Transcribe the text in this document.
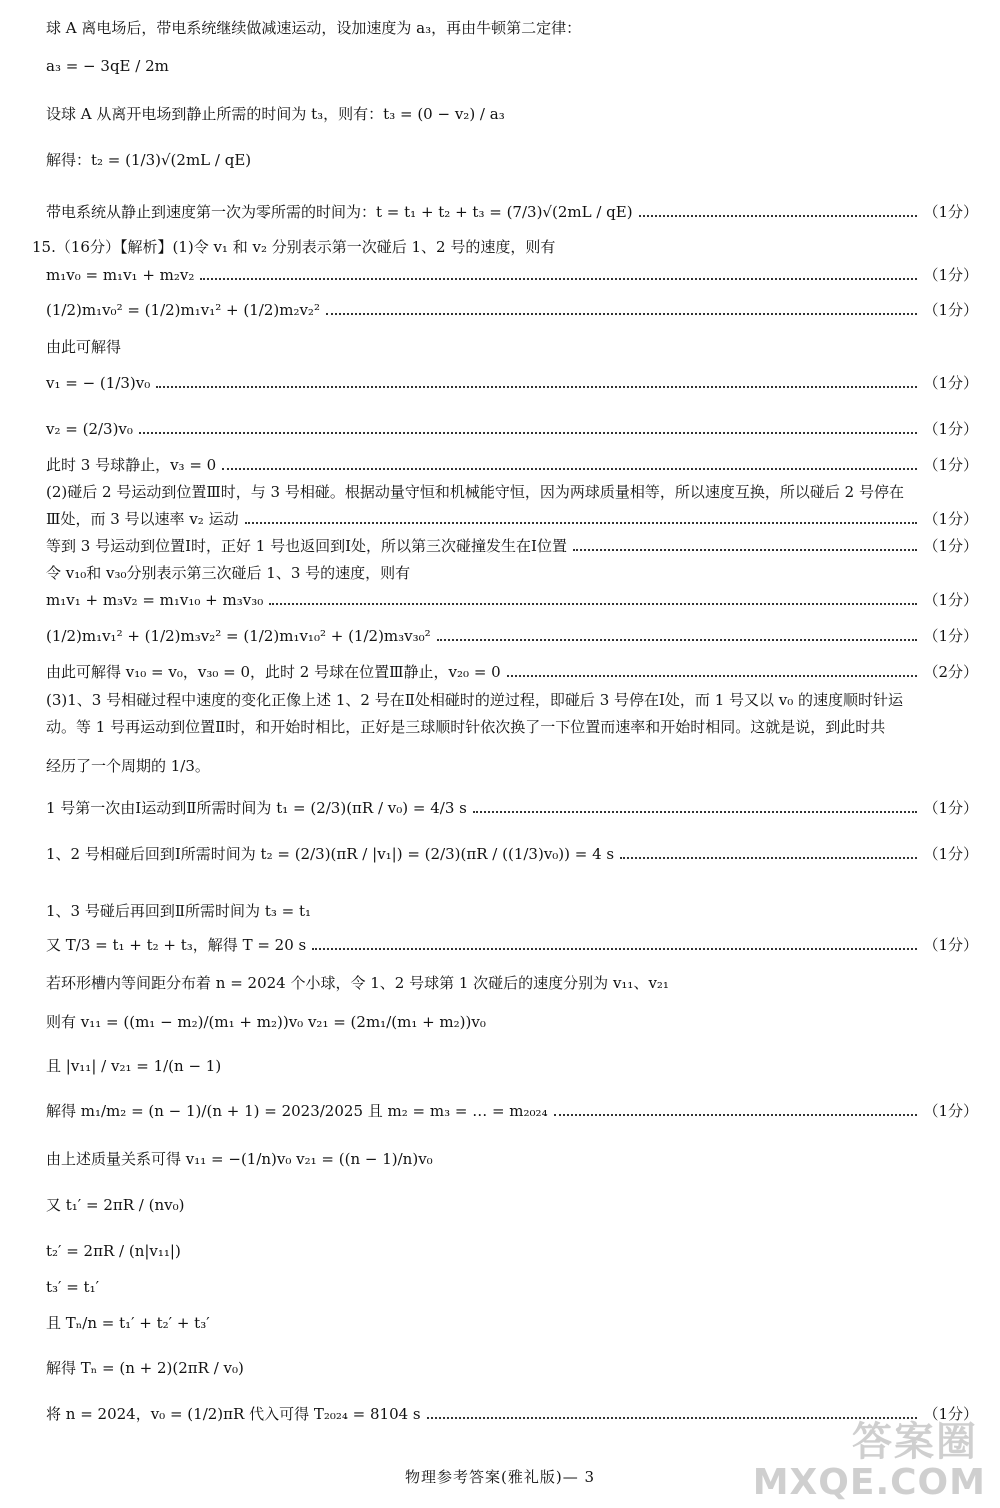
球 A 离电场后，带电系统继续做减速运动，设加速度为 a₃，再由牛顿第二定律：
a₃ = − 3qE / 2m
设球 A 从离开电场到静止所需的时间为 t₃，则有：t₃ = (0 − v₂) / a₃
解得：t₂ = (1/3)√(2mL / qE)
带电系统从静止到速度第一次为零所需的时间为：t = t₁ + t₂ + t₃ = (7/3)√(2mL / qE)	（1分）
15.（16分）【解析】(1)令 v₁ 和 v₂ 分别表示第一次碰后 1、2 号的速度，则有
m₁v₀ = m₁v₁ + m₂v₂	（1分）
(1/2)m₁v₀² = (1/2)m₁v₁² + (1/2)m₂v₂²	（1分）
由此可解得
v₁ = − (1/3)v₀	（1分）
v₂ = (2/3)v₀	（1分）
此时 3 号球静止，v₃ = 0	（1分）
(2)碰后 2 号运动到位置Ⅲ时，与 3 号相碰。根据动量守恒和机械能守恒，因为两球质量相等，所以速度互换，所以碰后 2 号停在
Ⅲ处，而 3 号以速率 v₂ 运动	（1分）
等到 3 号运动到位置Ⅰ时，正好 1 号也返回到Ⅰ处，所以第三次碰撞发生在Ⅰ位置	（1分）
令 v₁₀和 v₃₀分别表示第三次碰后 1、3 号的速度，则有
m₁v₁ + m₃v₂ = m₁v₁₀ + m₃v₃₀	（1分）
(1/2)m₁v₁² + (1/2)m₃v₂² = (1/2)m₁v₁₀² + (1/2)m₃v₃₀²	（1分）
由此可解得 v₁₀ = v₀，v₃₀ = 0，此时 2 号球在位置Ⅲ静止，v₂₀ = 0	（2分）
(3)1、3 号相碰过程中速度的变化正像上述 1、2 号在Ⅱ处相碰时的逆过程，即碰后 3 号停在Ⅰ处，而 1 号又以 v₀ 的速度顺时针运
动。等 1 号再运动到位置Ⅱ时，和开始时相比，正好是三球顺时针依次换了一下位置而速率和开始时相同。这就是说，到此时共
经历了一个周期的 1/3。
1 号第一次由Ⅰ运动到Ⅱ所需时间为 t₁ = (2/3)(πR / v₀) = 4/3 s	（1分）
1、2 号相碰后回到Ⅰ所需时间为 t₂ = (2/3)(πR / |v₁|) = (2/3)(πR / ((1/3)v₀)) = 4 s	（1分）
1、3 号碰后再回到Ⅱ所需时间为 t₃ = t₁
又 T/3 = t₁ + t₂ + t₃，解得 T = 20 s	（1分）
若环形槽内等间距分布着 n = 2024 个小球，令 1、2 号球第 1 次碰后的速度分别为 v₁₁、v₂₁
则有 v₁₁ = ((m₁ − m₂)/(m₁ + m₂))v₀ v₂₁ = (2m₁/(m₁ + m₂))v₀
且 |v₁₁| / v₂₁ = 1/(n − 1)
解得 m₁/m₂ = (n − 1)/(n + 1) = 2023/2025 且 m₂ = m₃ = … = m₂₀₂₄	（1分）
由上述质量关系可得 v₁₁ = −(1/n)v₀ v₂₁ = ((n − 1)/n)v₀
又 t₁′ = 2πR / (nv₀)
t₂′ = 2πR / (n|v₁₁|)
t₃′ = t₁′
且 Tₙ/n = t₁′ + t₂′ + t₃′
解得 Tₙ = (n + 2)(2πR / v₀)
将 n = 2024，v₀ = (1/2)πR 代入可得 T₂₀₂₄ = 8104 s	（1分）
物理参考答案(雅礼版)— 3
答案圈
MXQE.COM
